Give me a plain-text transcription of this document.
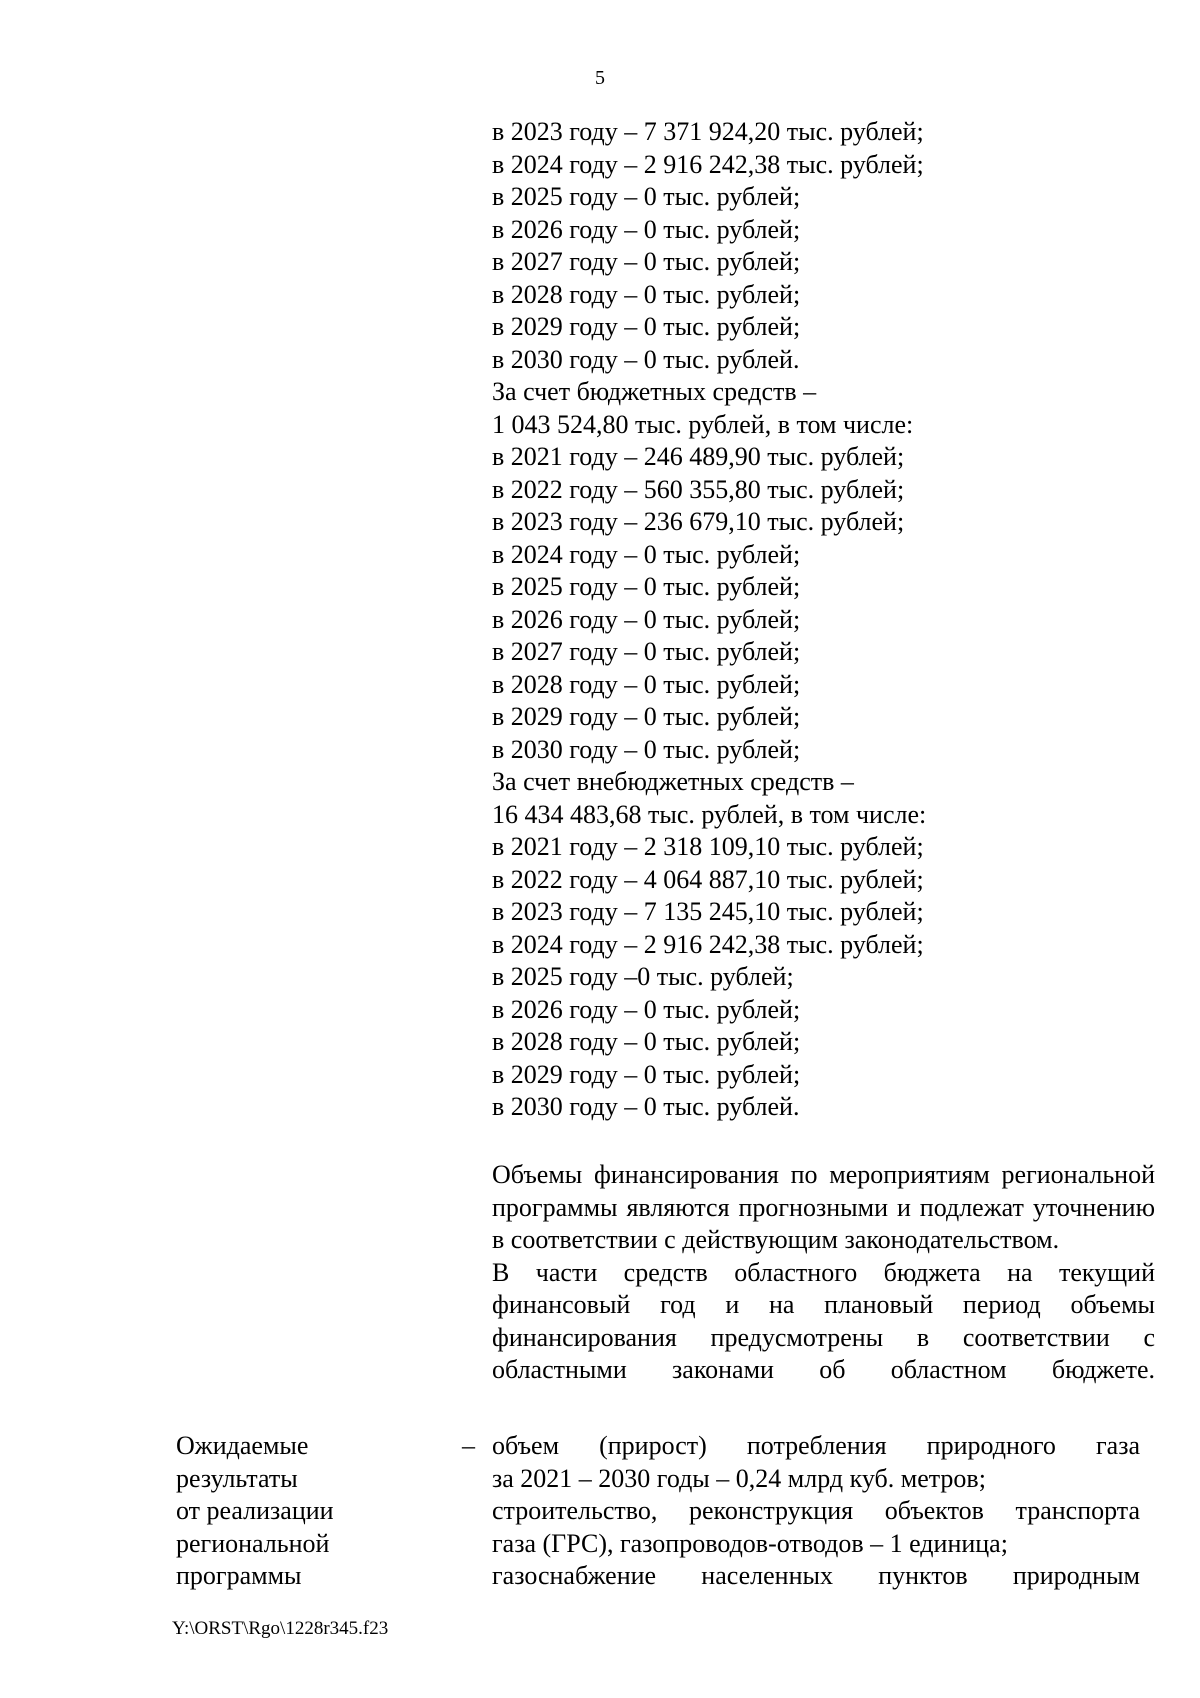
5
в 2023 году – 7 371 924,20 тыс. рублей;
в 2024 году – 2 916 242,38 тыс. рублей;
в 2025 году – 0 тыс. рублей;
в 2026 году – 0 тыс. рублей;
в 2027 году – 0 тыс. рублей;
в 2028 году – 0 тыс. рублей;
в 2029 году – 0 тыс. рублей;
в 2030 году – 0 тыс. рублей.
За счет бюджетных средств –
1 043 524,80 тыс. рублей, в том числе:
в 2021 году – 246 489,90 тыс. рублей;
в 2022 году – 560 355,80 тыс. рублей;
в 2023 году – 236 679,10 тыс. рублей;
в 2024 году – 0 тыс. рублей;
в 2025 году – 0 тыс. рублей;
в 2026 году – 0 тыс. рублей;
в 2027 году – 0 тыс. рублей;
в 2028 году – 0 тыс. рублей;
в 2029 году – 0 тыс. рублей;
в 2030 году – 0 тыс. рублей;
За счет внебюджетных средств –
16 434 483,68 тыс. рублей, в том числе:
в 2021 году – 2 318 109,10 тыс. рублей;
в 2022 году – 4 064 887,10 тыс. рублей;
в 2023 году – 7 135 245,10 тыс. рублей;
в 2024 году – 2 916 242,38 тыс. рублей;
в 2025 году –0 тыс. рублей;
в 2026 году – 0 тыс. рублей;
в 2028 году – 0 тыс. рублей;
в 2029 году – 0 тыс. рублей;
в 2030 году – 0 тыс. рублей.
Объемы финансирования по мероприятиям региональной программы являются прогнозными и подлежат уточнению в соответствии с действующим законодательством.
В части средств областного бюджета на текущий финансовый год и на плановый период объемы финансирования предусмотрены в соответствии с областными законами об областном бюджете.
Ожидаемые
результаты
от реализации
региональной
программы
– объем (прирост) потребления природного газа
за 2021 – 2030 годы – 0,24 млрд куб. метров;
строительство, реконструкция объектов транспорта
газа (ГРС), газопроводов-отводов – 1 единица;
газоснабжение населенных пунктов природным
Y:\ORST\Rgo\1228r345.f23
